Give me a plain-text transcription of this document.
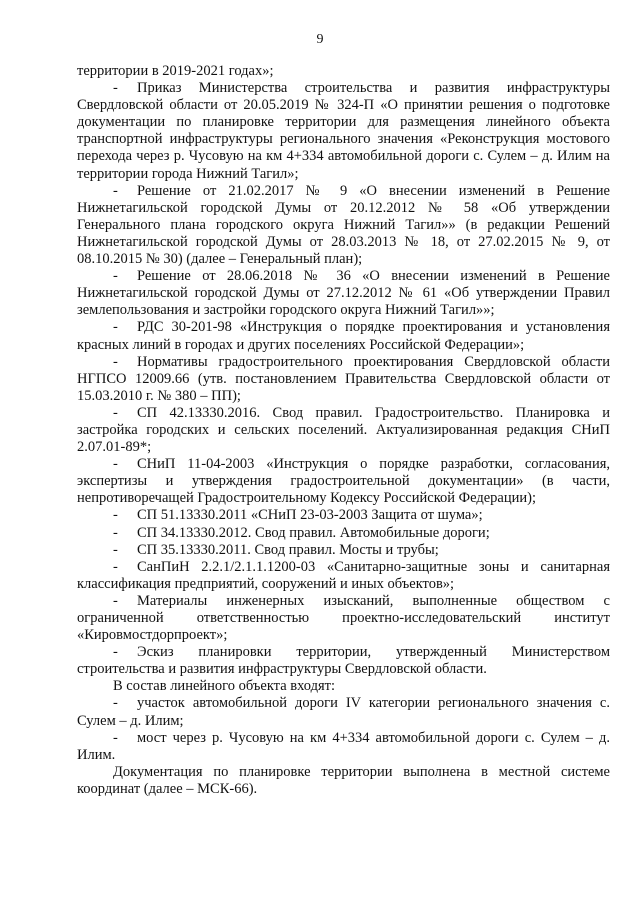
9

территории в 2019-2021 годах»;

- Приказ Министерства строительства и развития инфраструктуры Свердловской области от 20.05.2019 № 324-П «О принятии решения о подготовке документации по планировке территории для размещения линейного объекта транспортной инфраструктуры регионального значения «Реконструкция мостового перехода через р. Чусовую на км 4+334 автомобильной дороги с. Сулем – д. Илим на территории города Нижний Тагил»;

- Решение от 21.02.2017 № 9 «О внесении изменений в Решение Нижнетагильской городской Думы от 20.12.2012 № 58 «Об утверждении Генерального плана городского округа Нижний Тагил»» (в редакции Решений Нижнетагильской городской Думы от 28.03.2013 № 18, от 27.02.2015 № 9, от 08.10.2015 № 30) (далее – Генеральный план);

- Решение от 28.06.2018 № 36 «О внесении изменений в Решение Нижнетагильской городской Думы от 27.12.2012 № 61 «Об утверждении Правил землепользования и застройки городского округа Нижний Тагил»»;

- РДС 30-201-98 «Инструкция о порядке проектирования и установления красных линий в городах и других поселениях Российской Федерации»;

- Нормативы градостроительного проектирования Свердловской области НГПСО 12009.66 (утв. постановлением Правительства Свердловской области от 15.03.2010 г. № 380 – ПП);

- СП 42.13330.2016. Свод правил. Градостроительство. Планировка и застройка городских и сельских поселений. Актуализированная редакция СНиП 2.07.01-89*;

- СНиП 11-04-2003 «Инструкция о порядке разработки, согласования, экспертизы и утверждения градостроительной документации» (в части, непротиворечащей Градостроительному Кодексу Российской Федерации);

- СП 51.13330.2011 «СНиП 23-03-2003 Защита от шума»;

- СП 34.13330.2012. Свод правил. Автомобильные дороги;

- СП 35.13330.2011. Свод правил. Мосты и трубы;

- СанПиН 2.2.1/2.1.1.1200-03 «Санитарно-защитные зоны и санитарная классификация предприятий, сооружений и иных объектов»;

- Материалы инженерных изысканий, выполненные обществом с ограниченной ответственностью проектно-исследовательский институт «Кировмостдорпроект»;

- Эскиз планировки территории, утвержденный Министерством строительства и развития инфраструктуры Свердловской области.

В состав линейного объекта входят:

- участок автомобильной дороги IV категории регионального значения с. Сулем – д. Илим;

- мост через р. Чусовую на км 4+334 автомобильной дороги с. Сулем – д. Илим.

Документация по планировке территории выполнена в местной системе координат (далее – МСК-66).
